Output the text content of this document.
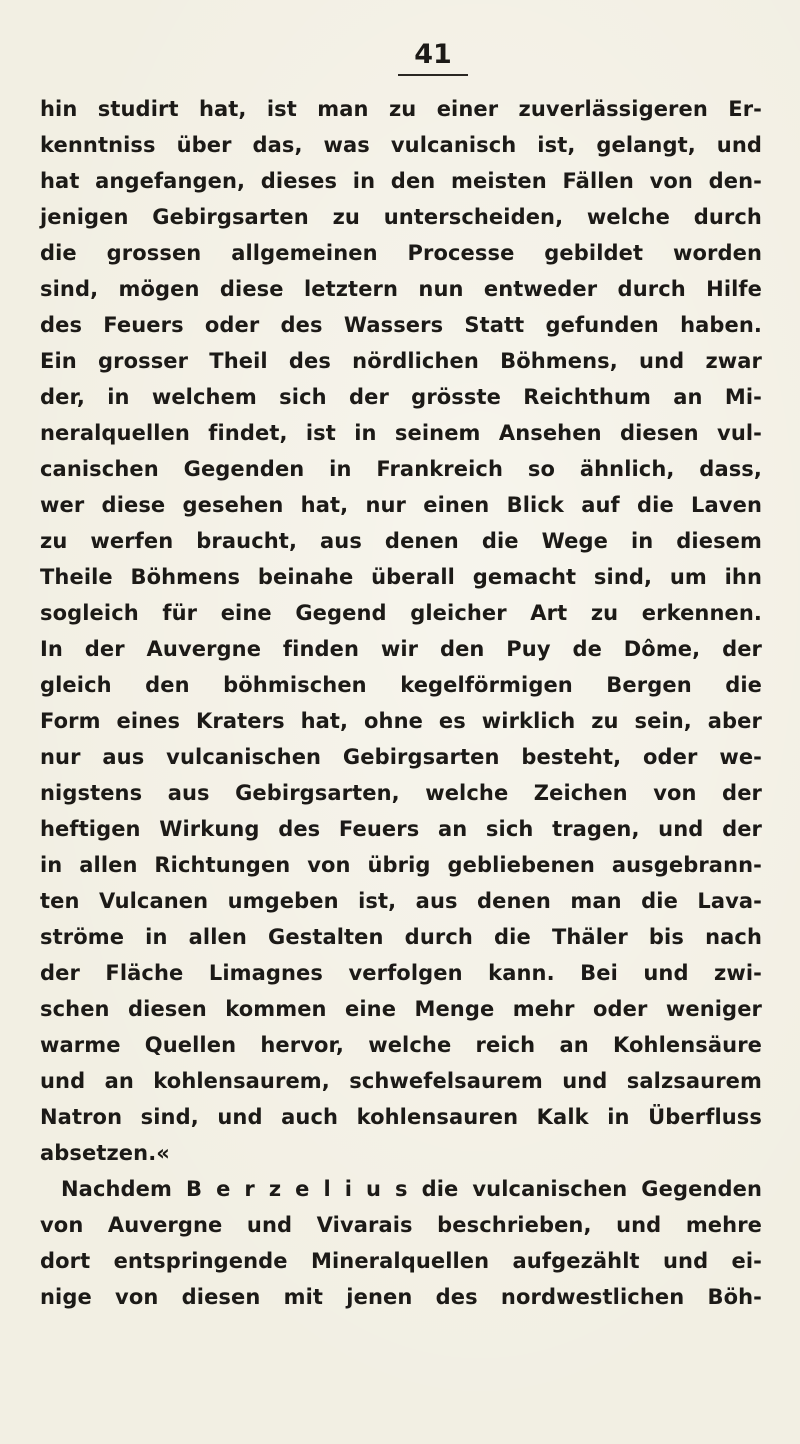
41
hin studirt hat, ist man zu einer zuverlässigeren Er-
kenntniss über das, was vulcanisch ist, gelangt, und
hat angefangen, dieses in den meisten Fällen von den-
jenigen Gebirgsarten zu unterscheiden, welche durch
die grossen allgemeinen Processe gebildet worden
sind, mögen diese letztern nun entweder durch Hilfe
des Feuers oder des Wassers Statt gefunden haben.
Ein grosser Theil des nördlichen Böhmens, und zwar
der, in welchem sich der grösste Reichthum an Mi-
neralquellen findet, ist in seinem Ansehen diesen vul-
canischen Gegenden in Frankreich so ähnlich, dass,
wer diese gesehen hat, nur einen Blick auf die Laven
zu werfen braucht, aus denen die Wege in diesem
Theile Böhmens beinahe überall gemacht sind, um ihn
sogleich für eine Gegend gleicher Art zu erkennen.
In der Auvergne finden wir den Puy de Dôme, der
gleich den böhmischen kegelförmigen Bergen die
Form eines Kraters hat, ohne es wirklich zu sein, aber
nur aus vulcanischen Gebirgsarten besteht, oder we-
nigstens aus Gebirgsarten, welche Zeichen von der
heftigen Wirkung des Feuers an sich tragen, und der
in allen Richtungen von übrig gebliebenen ausgebrann-
ten Vulcanen umgeben ist, aus denen man die Lava-
ströme in allen Gestalten durch die Thäler bis nach
der Fläche Limagnes verfolgen kann. Bei und zwi-
schen diesen kommen eine Menge mehr oder weniger
warme Quellen hervor, welche reich an Kohlensäure
und an kohlensaurem, schwefelsaurem und salzsaurem
Natron sind, und auch kohlensauren Kalk in Überfluss
absetzen.«
Nachdem B e r z e l i u s die vulcanischen Gegenden
von Auvergne und Vivarais beschrieben, und mehre
dort entspringende Mineralquellen aufgezählt und ei-
nige von diesen mit jenen des nordwestlichen Böh-
